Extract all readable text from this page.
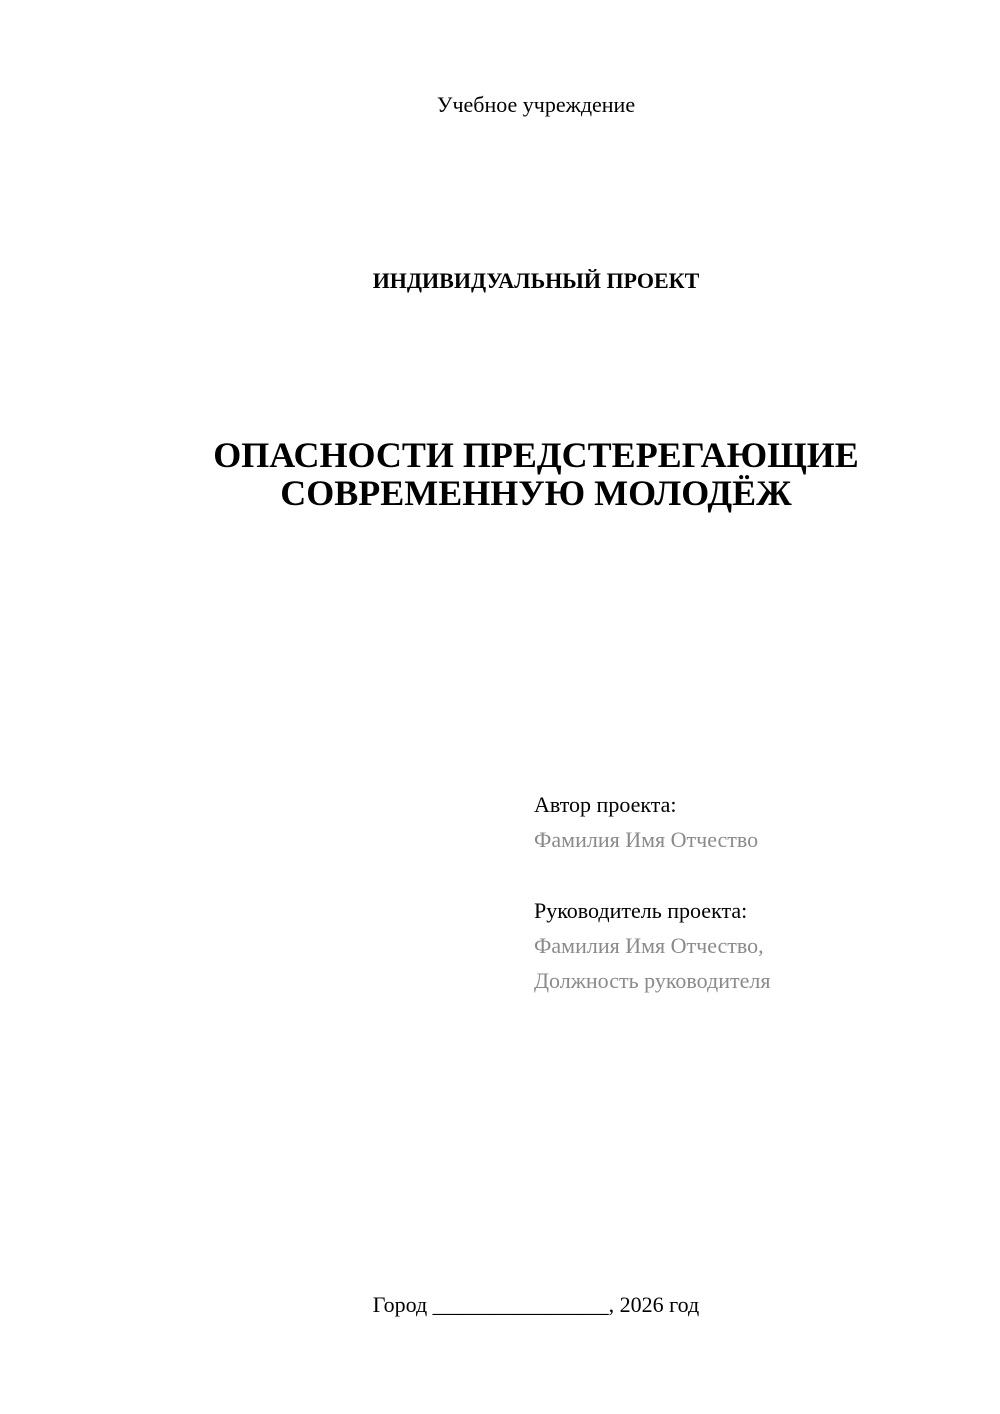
Учебное учреждение
ИНДИВИДУАЛЬНЫЙ ПРОЕКТ
ОПАСНОСТИ ПРЕДСТЕРЕГАЮЩИЕ
СОВРЕМЕННУЮ МОЛОДЁЖ
Автор проекта:
Фамилия Имя Отчество
Руководитель проекта:
Фамилия Имя Отчество,
Должность руководителя
Город ________________, 2026 год
